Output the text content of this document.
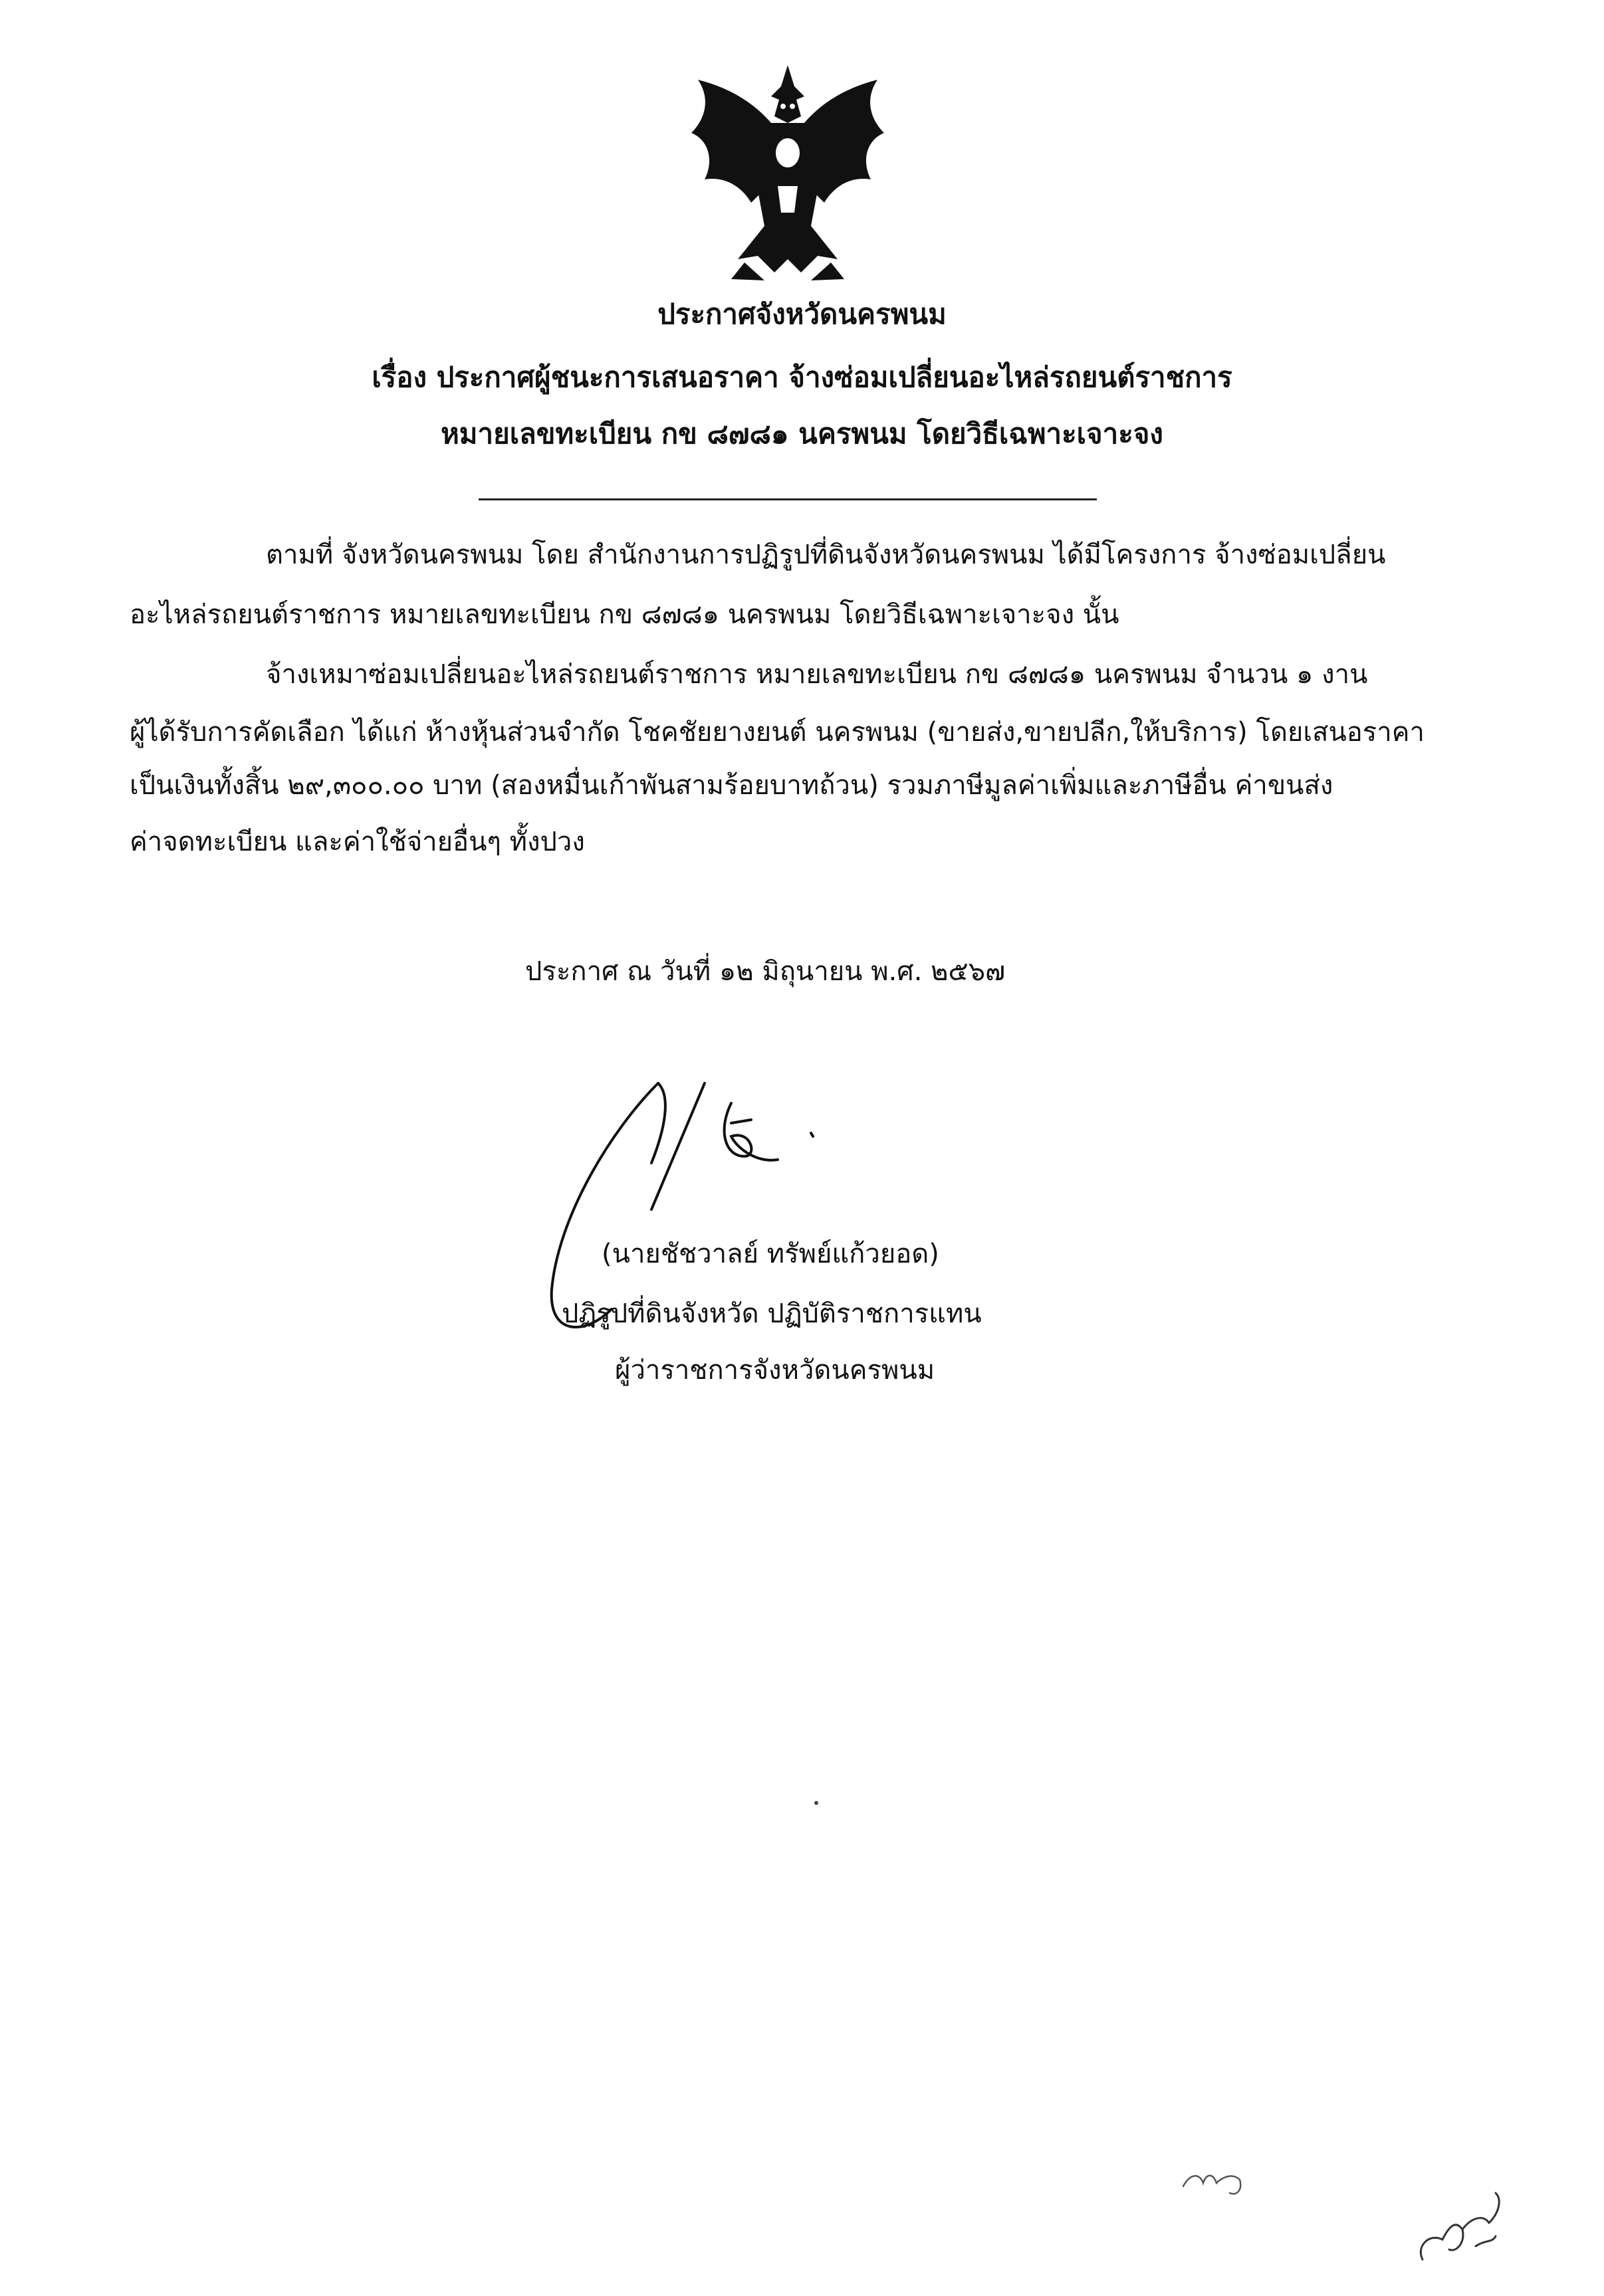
ประกาศจังหวัดนครพนม
เรื่อง ประกาศผู้ชนะการเสนอราคา จ้างซ่อมเปลี่ยนอะไหล่รถยนต์ราชการ
หมายเลขทะเบียน กข ๘๗๘๑ นครพนม โดยวิธีเฉพาะเจาะจง
ตามที่ จังหวัดนครพนม โดย สำนักงานการปฏิรูปที่ดินจังหวัดนครพนม ได้มีโครงการ จ้างซ่อมเปลี่ยน
อะไหล่รถยนต์ราชการ หมายเลขทะเบียน กข ๘๗๘๑ นครพนม โดยวิธีเฉพาะเจาะจง นั้น
จ้างเหมาซ่อมเปลี่ยนอะไหล่รถยนต์ราชการ หมายเลขทะเบียน กข ๘๗๘๑ นครพนม จำนวน ๑ งาน
ผู้ได้รับการคัดเลือก ได้แก่ ห้างหุ้นส่วนจำกัด โชคชัยยางยนต์ นครพนม (ขายส่ง,ขายปลีก,ให้บริการ) โดยเสนอราคา
เป็นเงินทั้งสิ้น ๒๙,๓๐๐.๐๐ บาท (สองหมื่นเก้าพันสามร้อยบาทถ้วน) รวมภาษีมูลค่าเพิ่มและภาษีอื่น ค่าขนส่ง
ค่าจดทะเบียน และค่าใช้จ่ายอื่นๆ ทั้งปวง
ประกาศ ณ วันที่ ๑๒ มิถุนายน พ.ศ. ๒๕๖๗
(นายชัชวาลย์ ทรัพย์แก้วยอด)
ปฏิรูปที่ดินจังหวัด ปฏิบัติราชการแทน
ผู้ว่าราชการจังหวัดนครพนม
